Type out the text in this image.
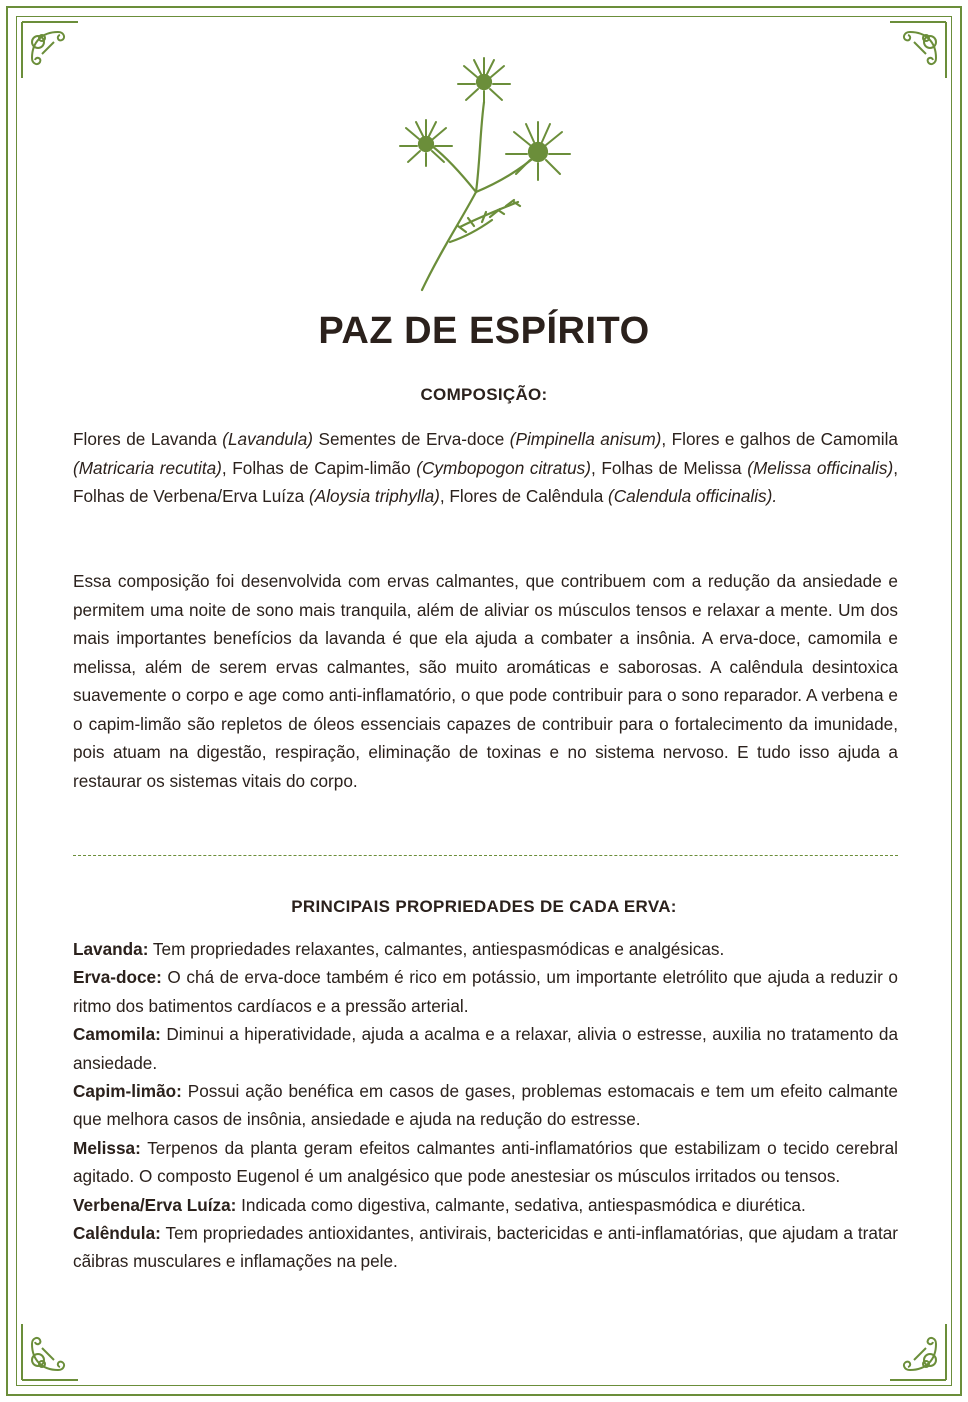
PAZ DE ESPÍRITO
COMPOSIÇÃO:

Flores de Lavanda (Lavandula) Sementes de Erva-doce (Pimpinella anisum), Flores e galhos de Camomila (Matricaria recutita), Folhas de Capim-limão (Cymbopogon citratus), Folhas de Melissa (Melissa officinalis), Folhas de Verbena/Erva Luíza (Aloysia triphylla), Flores de Calêndula (Calendula officinalis).

Essa composição foi desenvolvida com ervas calmantes, que contribuem com a redução da ansiedade e permitem uma noite de sono mais tranquila, além de aliviar os músculos tensos e relaxar a mente. Um dos mais importantes benefícios da lavanda é que ela ajuda a combater a insônia. A erva-doce, camomila e melissa, além de serem ervas calmantes, são muito aromáticas e saborosas. A calêndula desintoxica suavemente o corpo e age como anti-inflamatório, o que pode contribuir para o sono reparador. A verbena e o capim-limão são repletos de óleos essenciais capazes de contribuir para o fortalecimento da imunidade, pois atuam na digestão, respiração, eliminação de toxinas e no sistema nervoso. E tudo isso ajuda a restaurar os sistemas vitais do corpo.

PRINCIPAIS PROPRIEDADES DE CADA ERVA:

Lavanda: Tem propriedades relaxantes, calmantes, antiespasmódicas e analgésicas.

Erva-doce: O chá de erva-doce também é rico em potássio, um importante eletrólito que ajuda a reduzir o ritmo dos batimentos cardíacos e a pressão arterial.

Camomila: Diminui a hiperatividade, ajuda a acalma e a relaxar, alivia o estresse, auxilia no tratamento da ansiedade.

Capim-limão: Possui ação benéfica em casos de gases, problemas estomacais e tem um efeito calmante que melhora casos de insônia, ansiedade e ajuda na redução do estresse.

Melissa: Terpenos da planta geram efeitos calmantes anti-inflamatórios que estabilizam o tecido cerebral agitado. O composto Eugenol é um analgésico que pode anestesiar os músculos irritados ou tensos.

Verbena/Erva Luíza: Indicada como digestiva, calmante, sedativa, antiespasmódica e diurética.

Calêndula: Tem propriedades antioxidantes, antivirais, bactericidas e anti-inflamatórias, que ajudam a tratar cãibras musculares e inflamações na pele.
